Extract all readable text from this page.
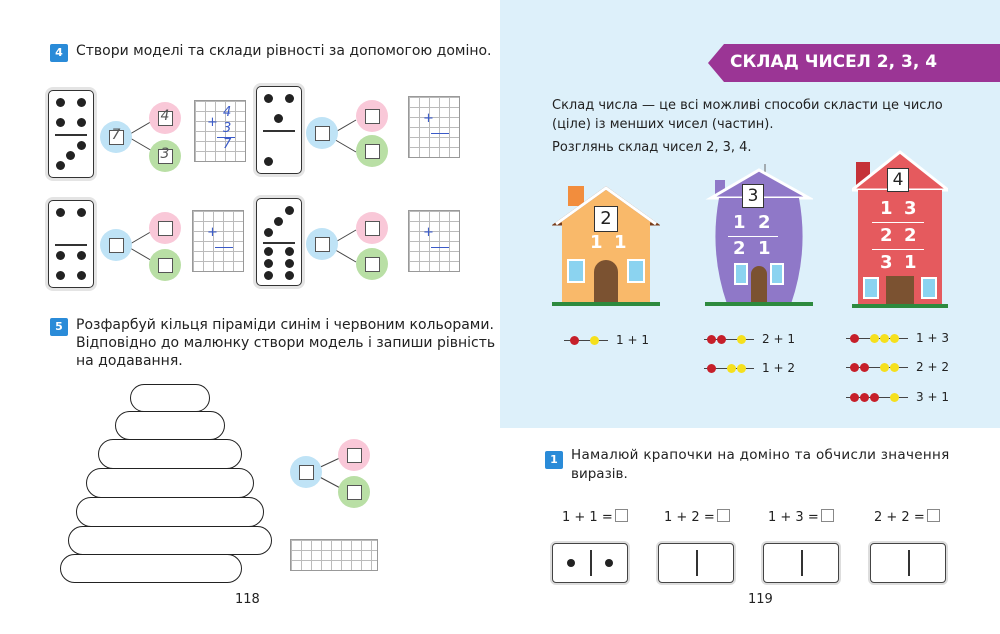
4 Створи моделі та склади рівності за допомогою доміно.
7
4
3
+
4
3
7
+
+	+
5 Розфарбуй кільця піраміди синім і червоним кольорами.
Відповідно до малюнку створи модель і запиши рівність
на додавання.
118
СКЛАД ЧИСЕЛ 2, 3, 4
Склад числа — це всі можливі способи скласти це число
(ціле) із менших чисел (частин).
Розглянь склад чисел 2, 3, 4.
2
1 1
3
1 2
2 1
4
1 3
2 2
3 1
1 + 1	2 + 1
1 + 2
1 + 3
2 + 2
3 + 1
1 Намалюй крапочки на доміно та обчисли значення
виразів.
1 + 1 =	1 + 2 =	1 + 3 =	2 + 2 =
119
